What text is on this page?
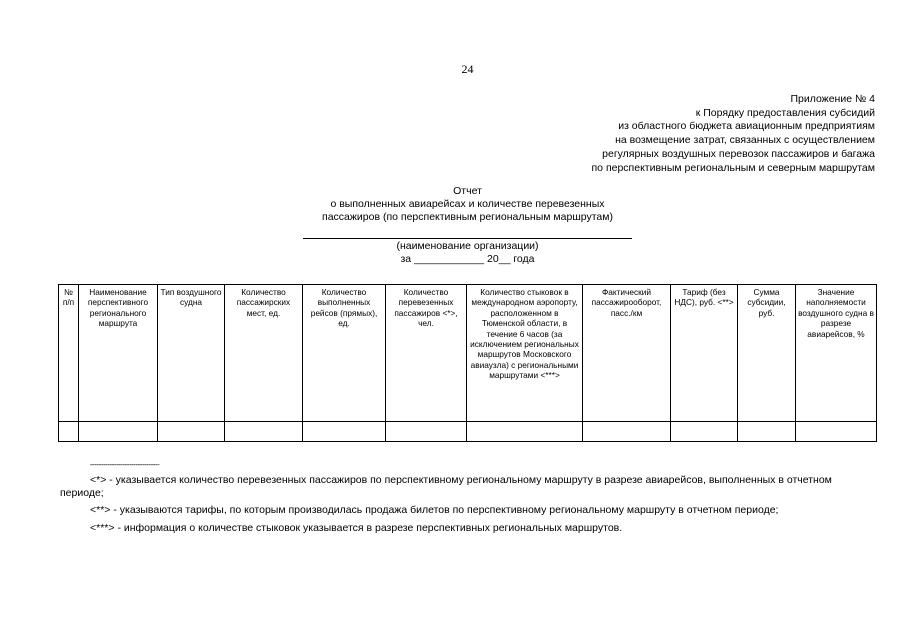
24
Приложение № 4
к Порядку предоставления субсидий
из областного бюджета авиационным предприятиям
на возмещение затрат, связанных с осуществлением
регулярных воздушных перевозок пассажиров и багажа
по перспективным региональным и северным маршрутам
Отчет
о выполненных авиарейсах и количестве перевезенных
пассажиров (по перспективным региональным маршрутам)
(наименование организации)
за ____________ 20__ года
№ п/п	Наименование перспективного регионального маршрута	Тип воздушного судна	Количество пассажирских мест, ед.	Количество выполненных рейсов (прямых), ед.	Количество перевезенных пассажиров <*>, чел.	Количество стыковок в международном аэропорту, расположенном в Тюменской области, в течение 6 часов (за исключением региональных маршрутов Московского авиаузла) с региональными маршрутами <***>	Фактический пассажирооборот, пасс./км	Тариф (без НДС), руб. <**>	Сумма субсидии, руб.	Значение наполняемости воздушного судна в разрезе авиарейсов, %

--------------------------------

<*> - указывается количество перевезенных пассажиров по перспективному региональному маршруту в разрезе авиарейсов, выполненных в отчетном периоде;

<**> - указываются тарифы, по которым производилась продажа билетов по перспективному региональному маршруту в отчетном периоде;

<***> - информация о количестве стыковок указывается в разрезе перспективных региональных маршрутов.
